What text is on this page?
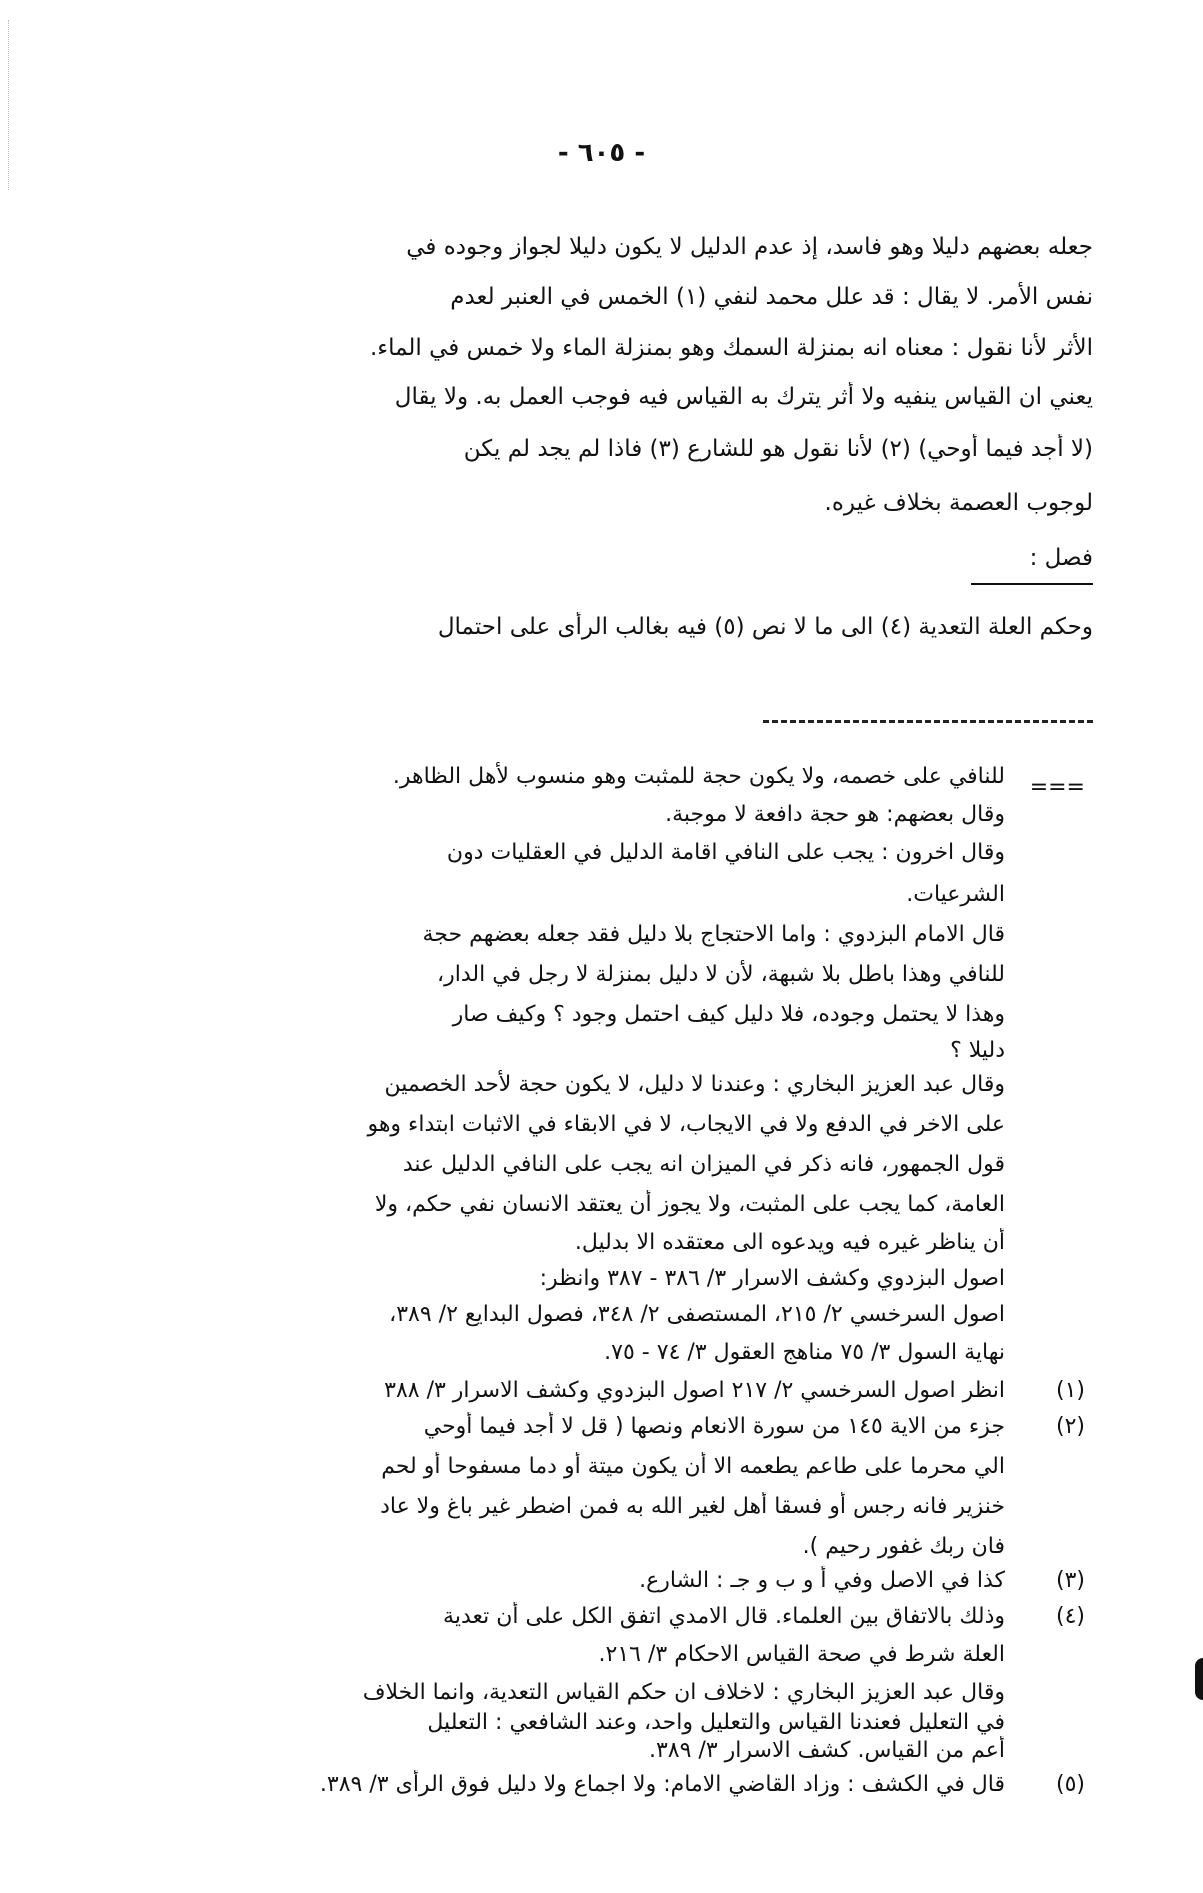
- ٦٠٥ -
جعله بعضهم دليلا وهو فاسد، إذ عدم الدليل لا يكون دليلا لجواز وجوده في
نفس الأمر. لا يقال : قد علل محمد لنفي (١) الخمس في العنبر لعدم
الأثر لأنا نقول : معناه انه بمنزلة السمك وهو بمنزلة الماء ولا خمس في الماء.
يعني ان القياس ينفيه ولا أثر يترك به القياس فيه فوجب العمل به. ولا يقال
(لا أجد فيما أوحي) (٢) لأنا نقول هو للشارع (٣) فاذا لم يجد لم يكن
لوجوب العصمة بخلاف غيره.
فصل :
وحكم العلة التعدية (٤) الى ما لا نص (٥) فيه بغالب الرأى على احتمال
===
للنافي على خصمه، ولا يكون حجة للمثبت وهو منسوب لأهل الظاهر.
وقال بعضهم: هو حجة دافعة لا موجبة.
وقال اخرون : يجب على النافي اقامة الدليل في العقليات دون
الشرعيات.
قال الامام البزدوي : واما الاحتجاج بلا دليل فقد جعله بعضهم حجة
للنافي وهذا باطل بلا شبهة، لأن لا دليل بمنزلة لا رجل في الدار،
وهذا لا يحتمل وجوده، فلا دليل كيف احتمل وجود ؟ وكيف صار
دليلا ؟
وقال عبد العزيز البخاري : وعندنا لا دليل، لا يكون حجة لأحد الخصمين
على الاخر في الدفع ولا في الايجاب، لا في الابقاء في الاثبات ابتداء وهو
قول الجمهور، فانه ذكر في الميزان انه يجب على النافي الدليل عند
العامة، كما يجب على المثبت، ولا يجوز أن يعتقد الانسان نفي حكم، ولا
أن يناظر غيره فيه ويدعوه الى معتقده الا بدليل.
اصول البزدوي وكشف الاسرار ٣/ ٣٨٦ - ٣٨٧ وانظر:
اصول السرخسي ٢/ ٢١٥، المستصفى ٢/ ٣٤٨، فصول البدايع ٢/ ٣٨٩،
نهاية السول ٣/ ٧٥ مناهج العقول ٣/ ٧٤ - ٧٥.
(١)
انظر اصول السرخسي ٢/ ٢١٧ اصول البزدوي وكشف الاسرار ٣/ ٣٨٨
(٢)
جزء من الاية ١٤٥ من سورة الانعام ونصها ( قل لا أجد فيما أوحي
الي محرما على طاعم يطعمه الا أن يكون ميتة أو دما مسفوحا أو لحم
خنزير فانه رجس أو فسقا أهل لغير الله به فمن اضطر غير باغ ولا عاد
فان ربك غفور رحيم ).
(٣)
كذا في الاصل وفي أ و ب و جـ : الشارع.
(٤)
وذلك بالاتفاق بين العلماء. قال الامدي اتفق الكل على أن تعدية
العلة شرط في صحة القياس الاحكام ٣/ ٢١٦.
وقال عبد العزيز البخاري : لاخلاف ان حكم القياس التعدية، وانما الخلاف
في التعليل فعندنا القياس والتعليل واحد، وعند الشافعي : التعليل
أعم من القياس. كشف الاسرار ٣/ ٣٨٩.
(٥)
قال في الكشف : وزاد القاضي الامام: ولا اجماع ولا دليل فوق الرأى ٣/ ٣٨٩.
